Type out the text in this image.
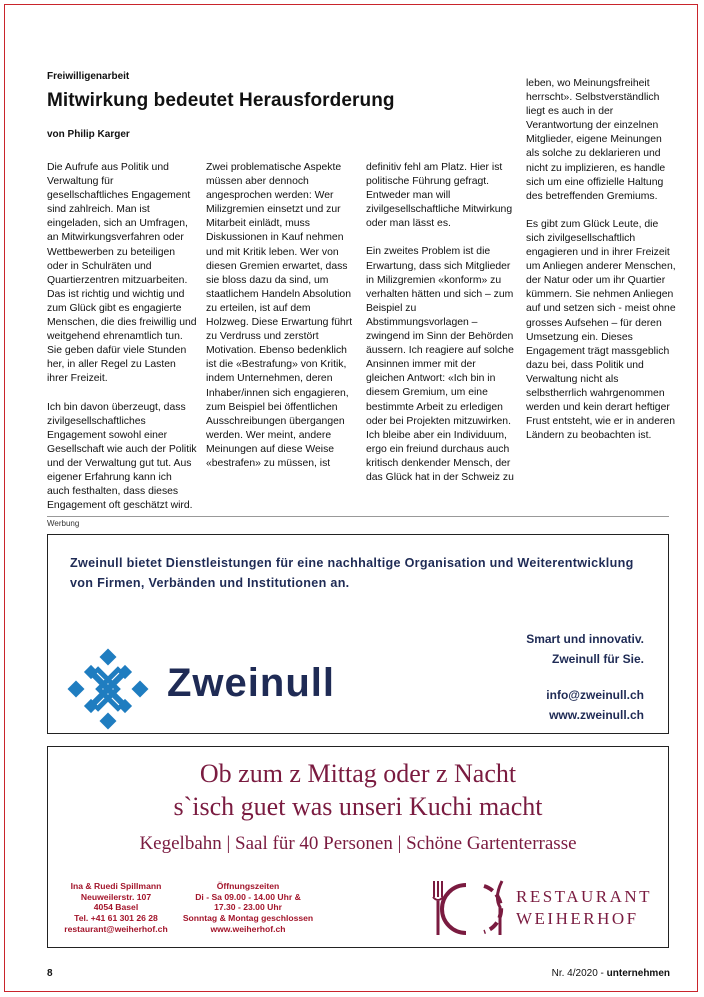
Freiwilligenarbeit
Mitwirkung bedeutet Herausforderung
von Philip Karger

Die Aufrufe aus Politik und Verwaltung für gesellschaftliches Engagement sind zahlreich. Man ist eingeladen, sich an Umfragen, an Mitwirkungsverfahren oder Wettbewerben zu beteiligen oder in Schulräten und Quartierzentren mitzuarbeiten. Das ist richtig und wichtig und zum Glück gibt es engagierte Menschen, die dies freiwillig und weitgehend ehrenamtlich tun. Sie geben dafür viele Stunden her, in aller Regel zu Lasten ihrer Freizeit.

Ich bin davon überzeugt, dass zivilgesellschaftliches Engagement sowohl einer Gesellschaft wie auch der Politik und der Verwaltung gut tut. Aus eigener Erfahrung kann ich auch festhalten, dass dieses Engagement oft geschätzt wird.

Zwei problematische Aspekte müssen aber dennoch angesprochen werden: Wer Milizgremien einsetzt und zur Mitarbeit einlädt, muss Diskussionen in Kauf nehmen und mit Kritik leben. Wer von diesen Gremien erwartet, dass sie bloss dazu da sind, um staatlichem Handeln Absolution zu erteilen, ist auf dem Holzweg. Diese Erwartung führt zu Verdruss und zerstört Motivation. Ebenso bedenklich ist die «Bestrafung» von Kritik, indem Unternehmen, deren Inhaber/innen sich engagieren, zum Beispiel bei öffentlichen Ausschreibungen übergangen werden. Wer meint, andere Meinungen auf diese Weise «bestrafen» zu müssen, ist

definitiv fehl am Platz. Hier ist politische Führung gefragt. Entweder man will zivilgesellschaftliche Mitwirkung oder man lässt es.

Ein zweites Problem ist die Erwartung, dass sich Mitglieder in Milizgremien «konform» zu verhalten hätten und sich – zum Beispiel zu Abstimmungsvorlagen – zwingend im Sinn der Behörden äussern. Ich reagiere auf solche Ansinnen immer mit der gleichen Antwort: «Ich bin in diesem Gremium, um eine bestimmte Arbeit zu erledigen oder bei Projekten mitzuwirken. Ich bleibe aber ein Individuum, ergo ein freiund durchaus auch kritisch denkender Mensch, der das Glück hat in der Schweiz zu

leben, wo Meinungsfreiheit herrscht». Selbstverständlich liegt es auch in der Verantwortung der einzelnen Mitglieder, eigene Meinungen als solche zu deklarieren und nicht zu implizieren, es handle sich um eine offizielle Haltung des betreffenden Gremiums.

Es gibt zum Glück Leute, die sich zivilgesellschaftlich engagieren und in ihrer Freizeit um Anliegen anderer Menschen, der Natur oder um ihr Quartier kümmern. Sie nehmen Anliegen auf und setzen sich - meist ohne grosses Aufsehen – für deren Umsetzung ein. Dieses Engagement trägt massgeblich dazu bei, dass Politik und Verwaltung nicht als selbstherrlich wahrgenommen werden und kein derart heftiger Frust entsteht, wie er in anderen Ländern zu beobachten ist.

Werbung
Zweinull bietet Dienstleistungen für eine nachhaltige Organisation und Weiterentwicklung von Firmen, Verbänden und Institutionen an.
Zweinull
Smart und innovativ.
Zweinull für Sie.
info@zweinull.ch
www.zweinull.ch
Ob zum z Mittag oder z Nacht
s`isch guet was unseri Kuchi macht
Kegelbahn | Saal für 40 Personen | Schöne Gartenterrasse
Ina & Ruedi Spillmann
Neuweilerstr. 107
4054 Basel
Tel. +41 61 301 26 28
restaurant@weiherhof.ch
Öffnungszeiten
Di - Sa 09.00 - 14.00 Uhr &
17.30 - 23.00 Uhr
Sonntag & Montag geschlossen
www.weiherhof.ch
RESTAURANT
WEIHERHOF
8	Nr. 4/2020 - unternehmen
